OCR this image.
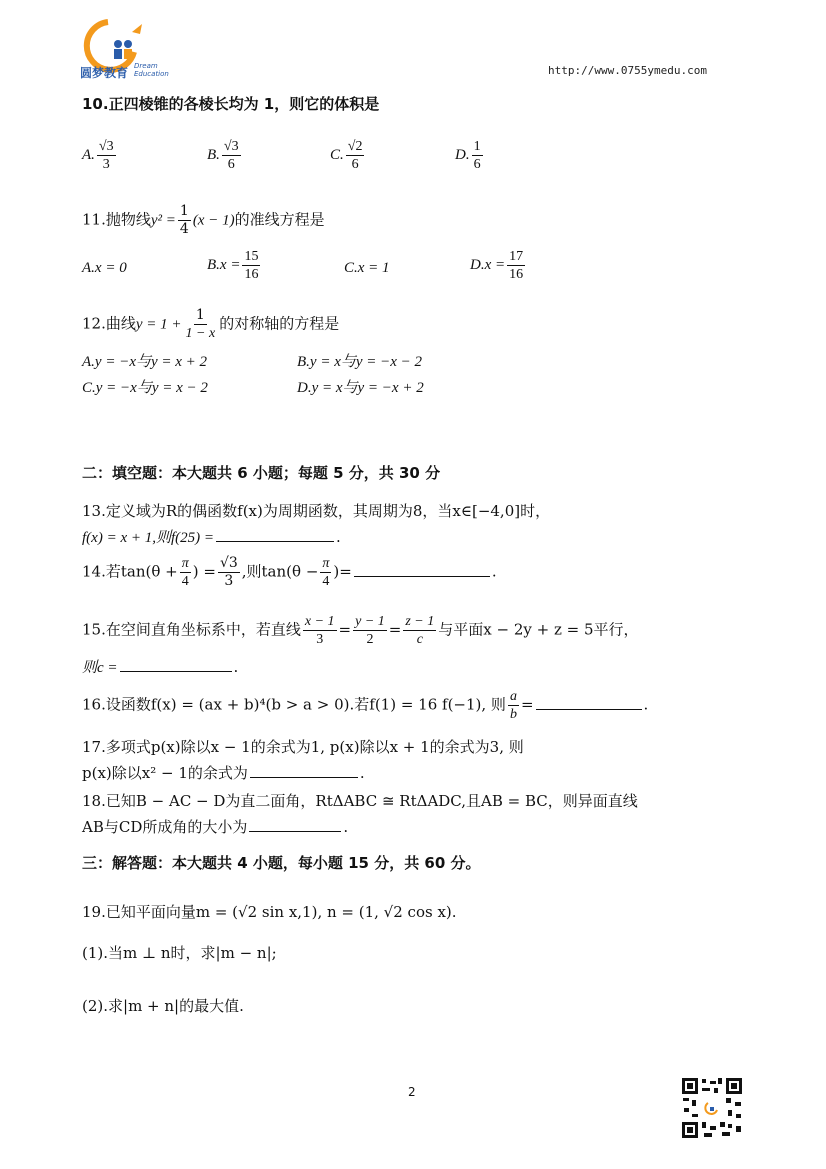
圆梦教育 Dream
Education	http://www.0755ymedu.com
10.正四棱锥的各棱长均为 1，则它的体积是
A. $\frac{√3}{3}$	B. $\frac{√3}{6}$	C. $\frac{√2}{6}$	D. $\frac{1}{6}$
11.抛物线$y^2 = \frac{1}{4} (x - 1)$的准线方程是
A.x = 0	$B.x = \frac{15}{16}$	C.x = 1	$D.x = \frac{17}{16}$
12.曲线$y = 1 + \frac{1}{1 - x}$ 的对称轴的方程是
A.y = −x与y = x + 2	B.y = x与y = −x − 2
C.y = −x与y = x − 2	D.y = x与y = −x + 2
二：填空题：本大题共 6 小题；每题 5 分，共 30 分
13.定义域为R的偶函数f(x)为周期函数，其周期为8，当x∈[−4,0]时，
f(x) = x + 1,则f(25) =	.
14.若$\tan(\theta + \frac{\pi}{4}$ ) = $\frac{√3}{3}$ ,则$\tan(\theta - \frac{\pi}{4}$ )=	.
15.在空间直角坐标系中，若直线 $\frac{x - 1}{3} = \frac{y - 1}{2} = \frac{z - 1}{c}$ 与平面x − 2y + z = 5平行，
则c =	.
16.设函数f(x) = (ax + b)⁴(b > a > 0).若f(1) = 16 f(−1), 则 $\frac{a}{b}$ =	.
17.多项式p(x)除以x − 1的余式为1, p(x)除以x + 1的余式为3, 则
p(x)除以x² − 1的余式为	.
18.已知B − AC − D为直二面角，RtΔABC ≅ RtΔADC,且AB = BC，则异面直线
AB与CD所成角的大小为	.
三：解答题：本大题共 4 小题，每小题 15 分，共 60 分。
19.已知平面向量m = (√2 sin x,1), n = (1, √2 cos x).
(1).当m ⊥ n时，求|m − n|;
(2).求|m + n|的最大值.
2
